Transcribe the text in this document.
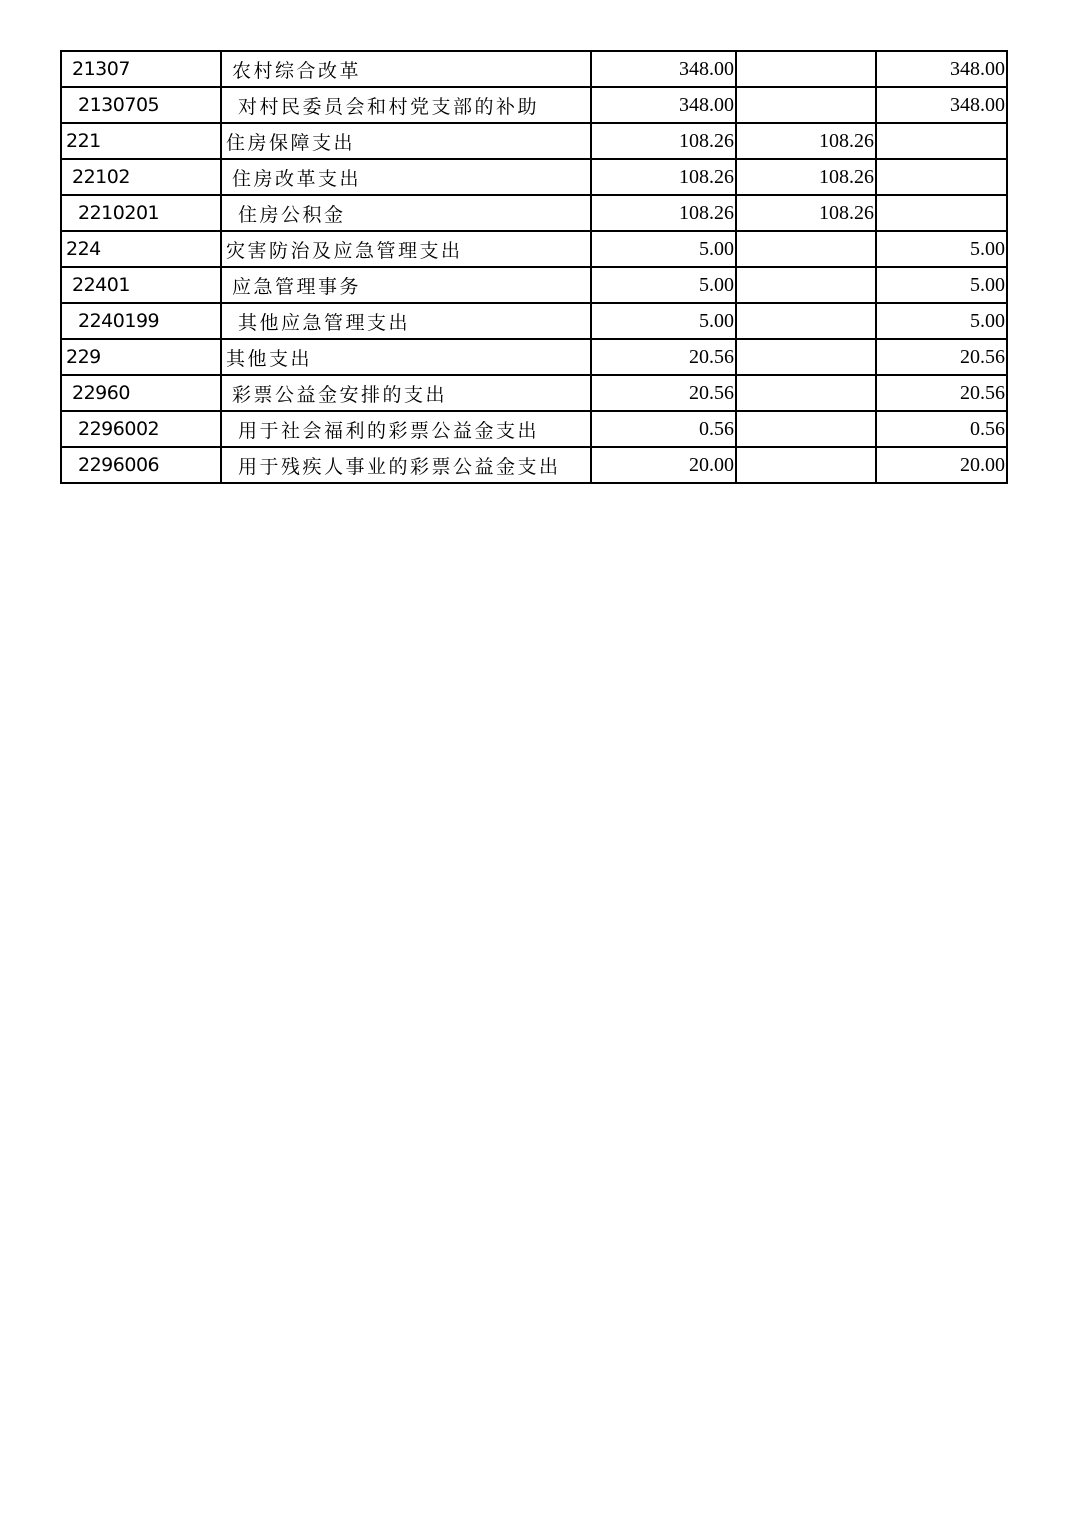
21307	农村综合改革	348.00		348.00
2130705	对村民委员会和村党支部的补助	348.00		348.00
221	住房保障支出	108.26	108.26	
22102	住房改革支出	108.26	108.26	
2210201	住房公积金	108.26	108.26	
224	灾害防治及应急管理支出	5.00		5.00
22401	应急管理事务	5.00		5.00
2240199	其他应急管理支出	5.00		5.00
229	其他支出	20.56		20.56
22960	彩票公益金安排的支出	20.56		20.56
2296002	用于社会福利的彩票公益金支出	0.56		0.56
2296006	用于残疾人事业的彩票公益金支出	20.00		20.00
